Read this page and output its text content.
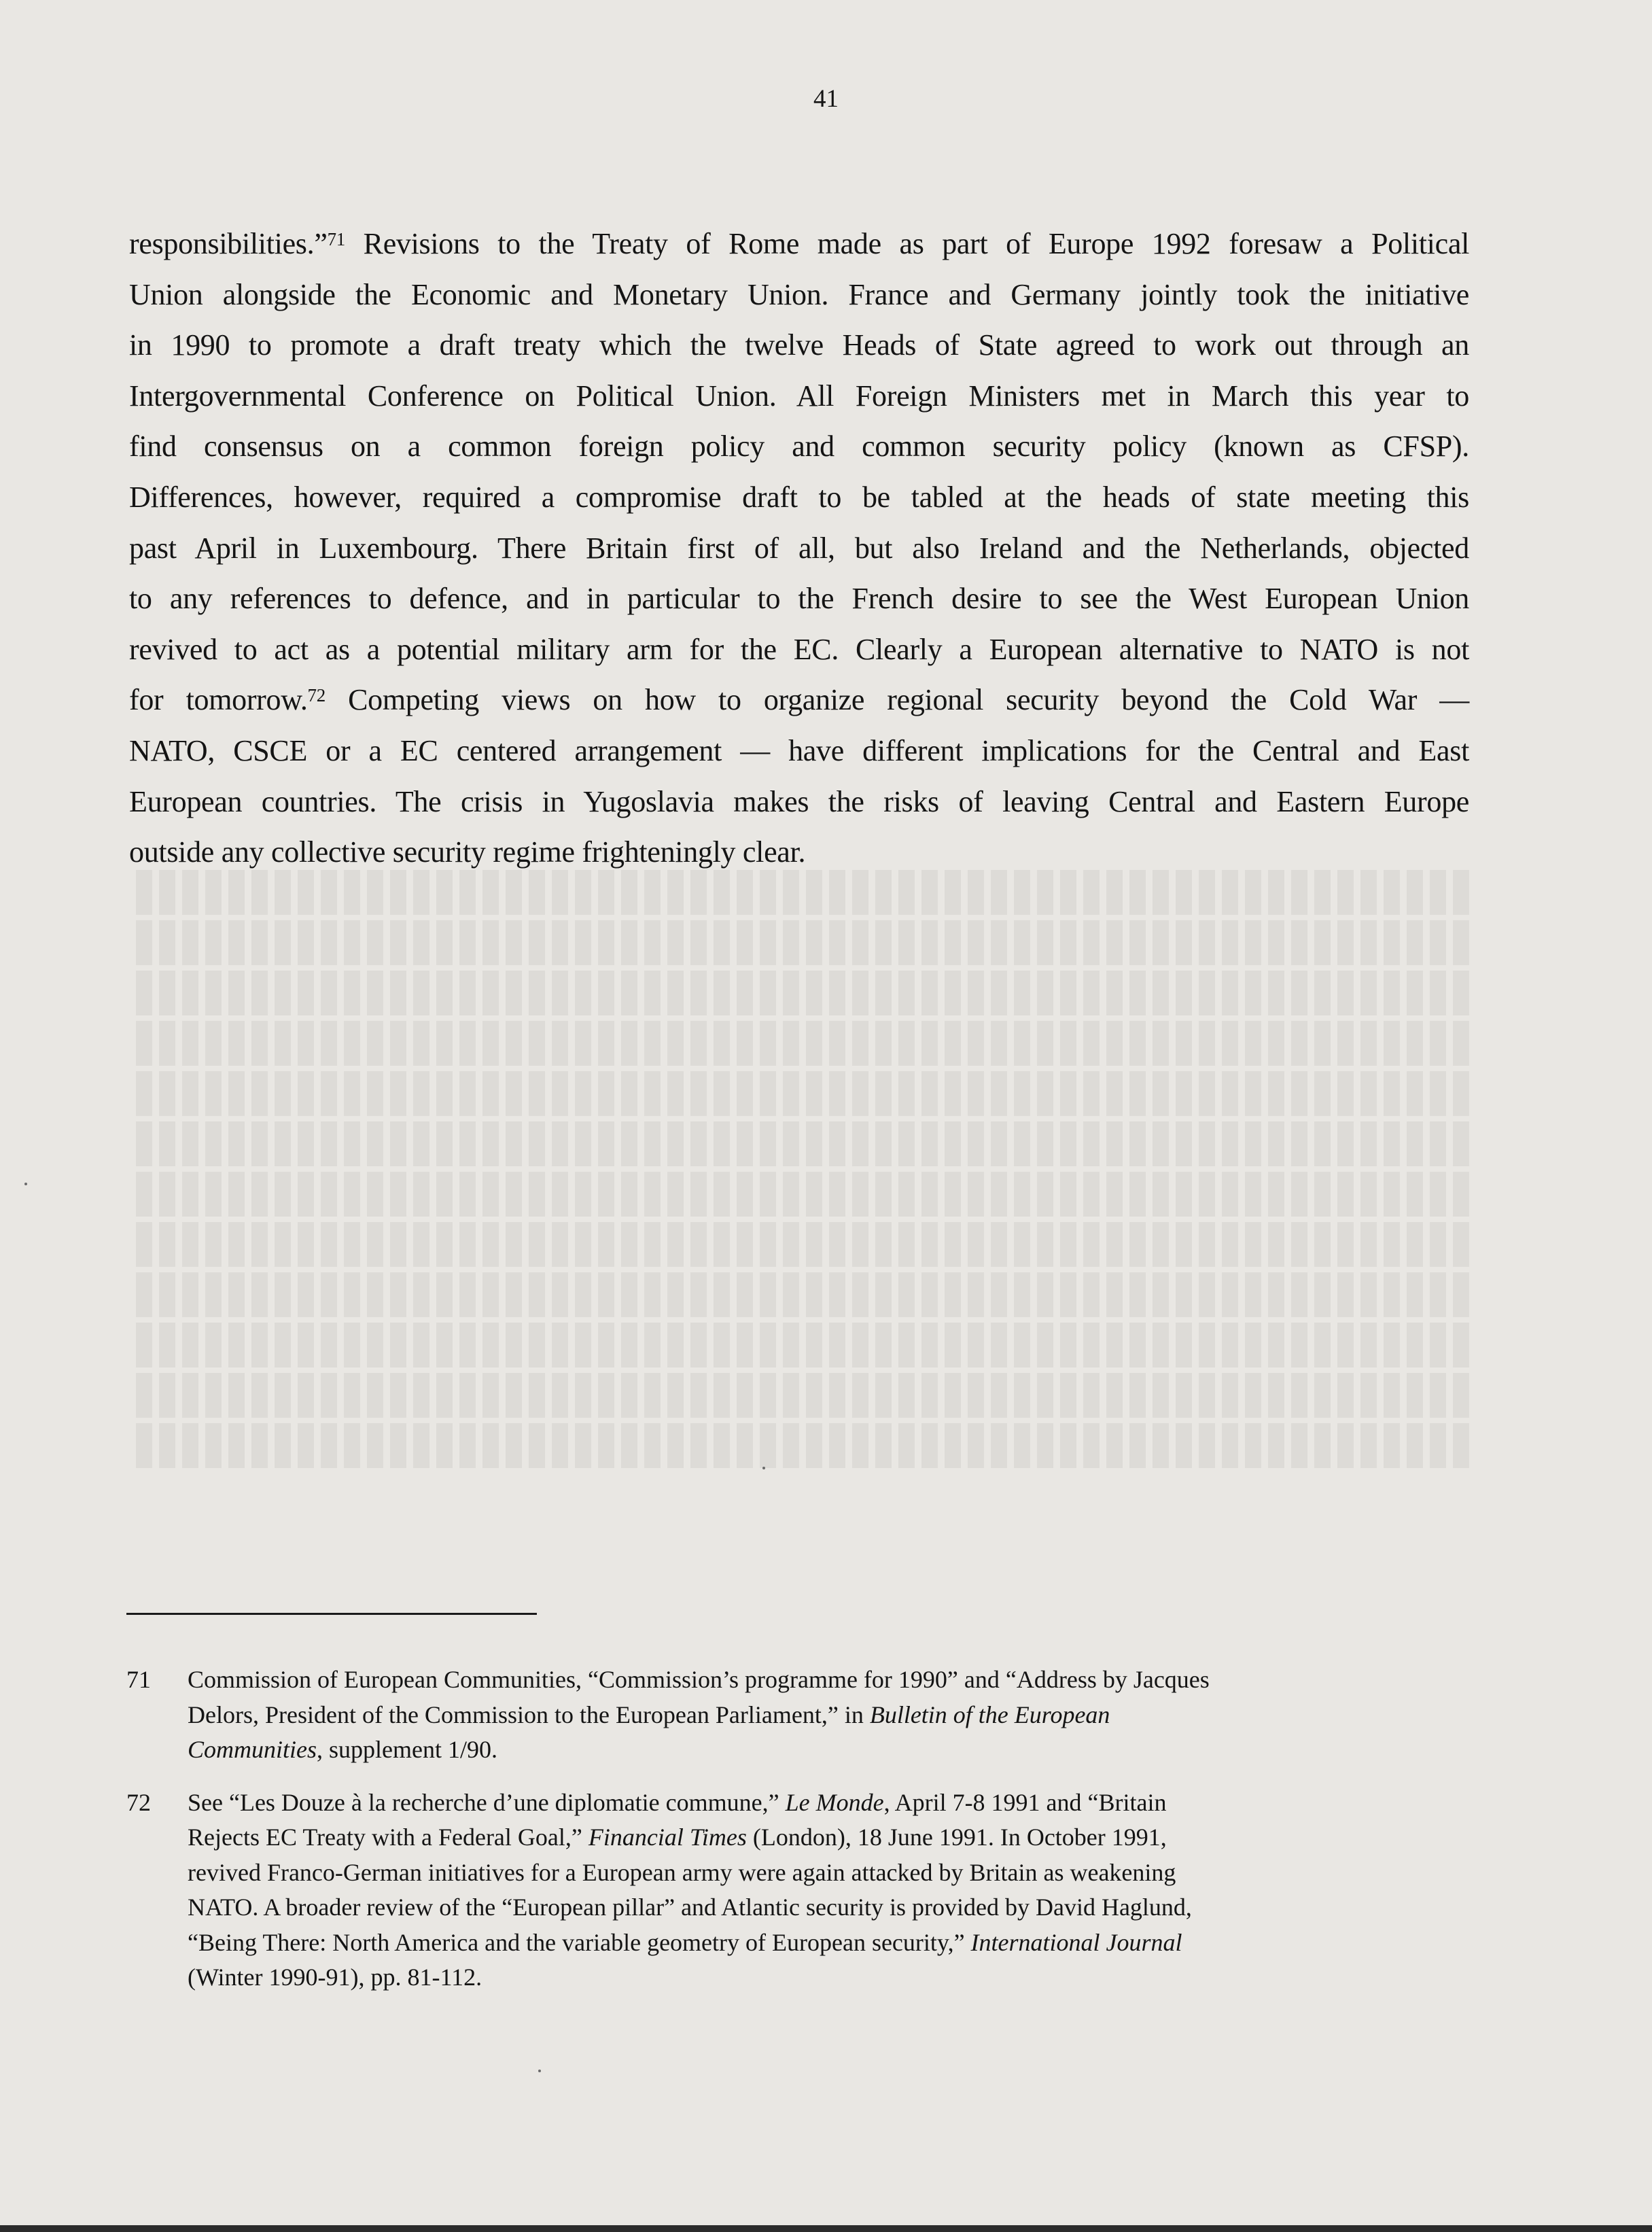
41
responsibilities.”$^{71}$ Revisions to the Treaty of Rome made as part of Europe 1992 foresaw a Political
Union alongside the Economic and Monetary Union. France and Germany jointly took the initiative
in 1990 to promote a draft treaty which the twelve Heads of State agreed to work out through an
Intergovernmental Conference on Political Union. All Foreign Ministers met in March this year to
find consensus on a common foreign policy and common security policy (known as CFSP).
Differences, however, required a compromise draft to be tabled at the heads of state meeting this
past April in Luxembourg. There Britain first of all, but also Ireland and the Netherlands, objected
to any references to defence, and in particular to the French desire to see the West European Union
revived to act as a potential military arm for the EC. Clearly a European alternative to NATO is not
for tomorrow.$^{72}$ Competing views on how to organize regional security beyond the Cold War —
NATO, CSCE or a EC centered arrangement — have different implications for the Central and East
European countries. The crisis in Yugoslavia makes the risks of leaving Central and Eastern Europe
outside any collective security regime frighteningly clear.
71 Commission of European Communities, “Commission’s programme for 1990” and “Address by Jacques
Delors, President of the Commission to the European Parliament,” in Bulletin of the European
Communities, supplement 1/90.
72 See “Les Douze à la recherche d’une diplomatie commune,” Le Monde, April 7-8 1991 and “Britain
Rejects EC Treaty with a Federal Goal,” Financial Times (London), 18 June 1991. In October 1991,
revived Franco-German initiatives for a European army were again attacked by Britain as weakening
NATO. A broader review of the “European pillar” and Atlantic security is provided by David Haglund,
“Being There: North America and the variable geometry of European security,” International Journal
(Winter 1990-91), pp. 81-112.
